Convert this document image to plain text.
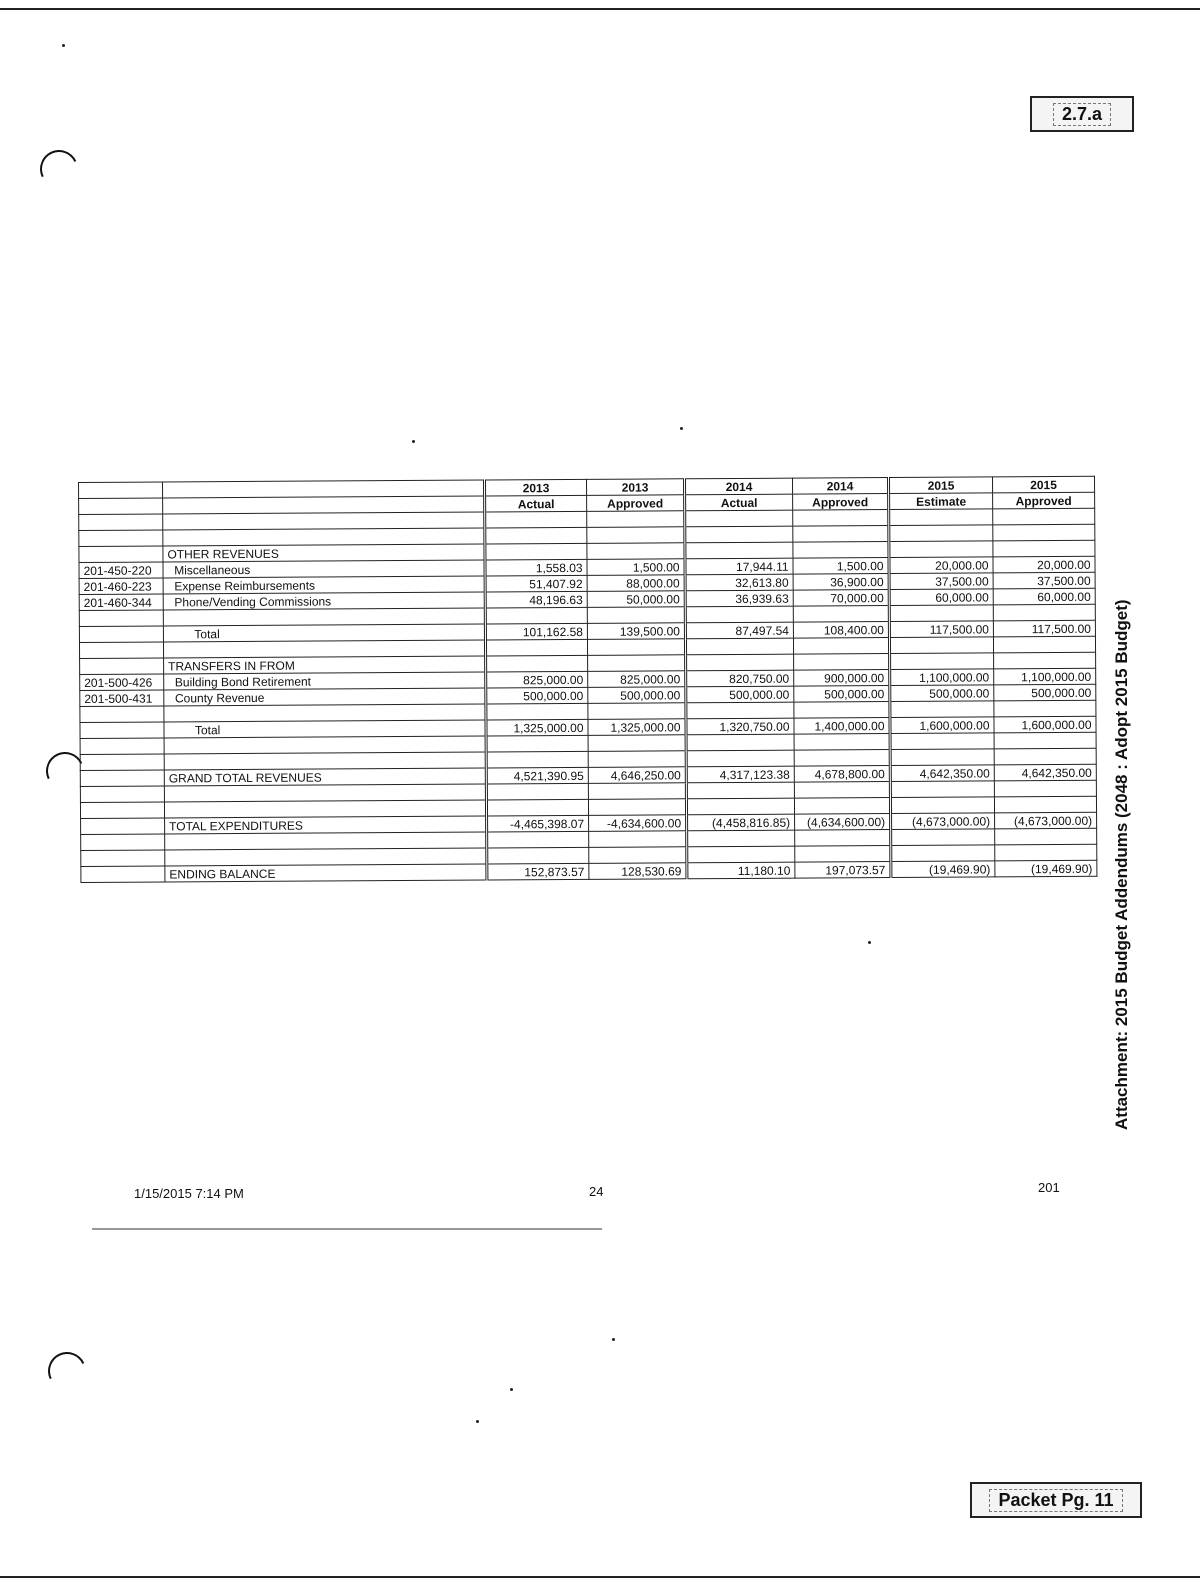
2.7.a
Attachment: 2015 Budget Addendums (2048 : Adopt 2015 Budget)
		2013	2013	2014	2014	2015	2015
		Actual	Approved	Actual	Approved	Estimate	Approved

	OTHER REVENUES						
201-450-220	Miscellaneous	1,558.03	1,500.00	17,944.11	1,500.00	20,000.00	20,000.00
201-460-223	Expense Reimbursements	51,407.92	88,000.00	32,613.80	36,900.00	37,500.00	37,500.00
201-460-344	Phone/Vending Commissions	48,196.63	50,000.00	36,939.63	70,000.00	60,000.00	60,000.00

	Total	101,162.58	139,500.00	87,497.54	108,400.00	117,500.00	117,500.00

	TRANSFERS IN FROM						
201-500-426	Building Bond Retirement	825,000.00	825,000.00	820,750.00	900,000.00	1,100,000.00	1,100,000.00
201-500-431	County Revenue	500,000.00	500,000.00	500,000.00	500,000.00	500,000.00	500,000.00

	Total	1,325,000.00	1,325,000.00	1,320,750.00	1,400,000.00	1,600,000.00	1,600,000.00

	GRAND TOTAL REVENUES	4,521,390.95	4,646,250.00	4,317,123.38	4,678,800.00	4,642,350.00	4,642,350.00

	TOTAL EXPENDITURES	-4,465,398.07	-4,634,600.00	(4,458,816.85)	(4,634,600.00)	(4,673,000.00)	(4,673,000.00)

	ENDING BALANCE	152,873.57	128,530.69	11,180.10	197,073.57	(19,469.90)	(19,469.90)
1/15/2015 7:14 PM	24	201
Packet Pg. 11
